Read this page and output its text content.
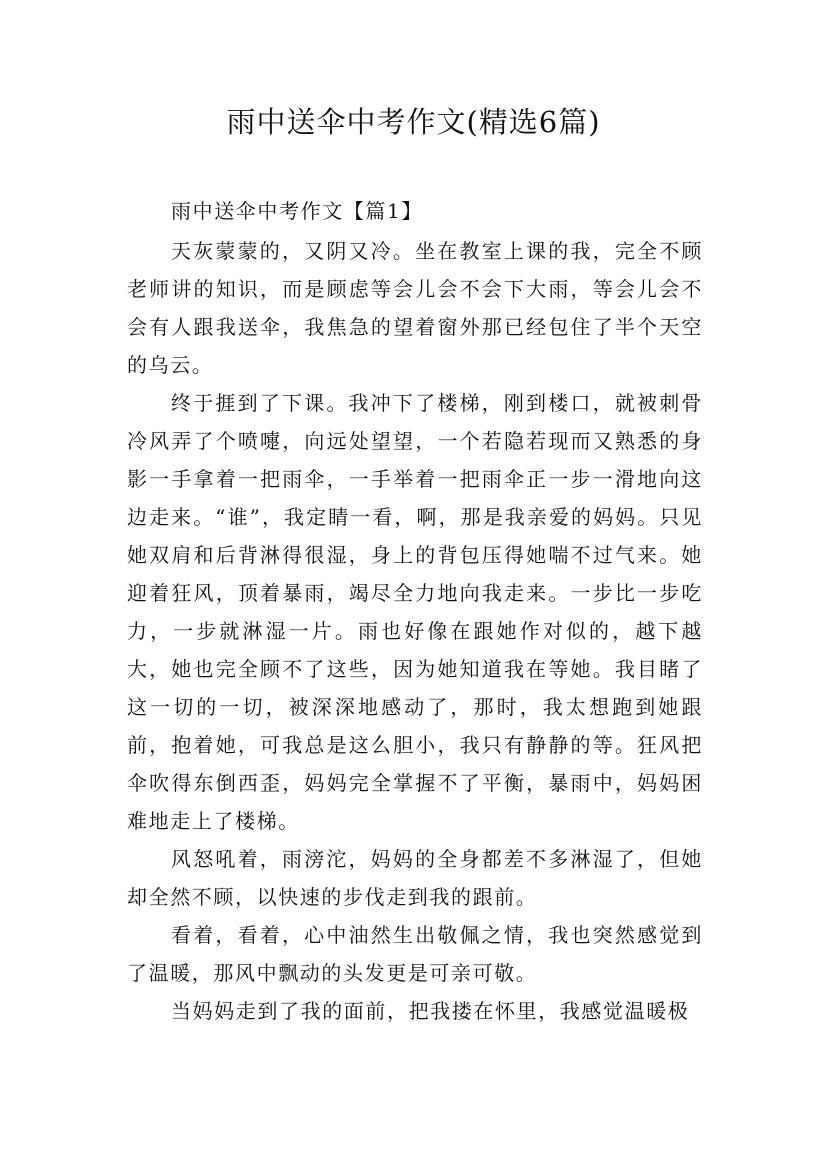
雨中送伞中考作文(精选6篇)

雨中送伞中考作文【篇1】

天灰蒙蒙的，又阴又冷。坐在教室上课的我，完全不顾老师讲的知识，而是顾虑等会儿会不会下大雨，等会儿会不会有人跟我送伞，我焦急的望着窗外那已经包住了半个天空的乌云。

终于捱到了下课。我冲下了楼梯，刚到楼口，就被刺骨冷风弄了个喷嚏，向远处望望，一个若隐若现而又熟悉的身影一手拿着一把雨伞，一手举着一把雨伞正一步一滑地向这边走来。“谁”，我定睛一看，啊，那是我亲爱的妈妈。只见她双肩和后背淋得很湿，身上的背包压得她喘不过气来。她迎着狂风，顶着暴雨，竭尽全力地向我走来。一步比一步吃力，一步就淋湿一片。雨也好像在跟她作对似的，越下越大，她也完全顾不了这些，因为她知道我在等她。我目睹了这一切的一切，被深深地感动了，那时，我太想跑到她跟前，抱着她，可我总是这么胆小，我只有静静的等。狂风把伞吹得东倒西歪，妈妈完全掌握不了平衡，暴雨中，妈妈困难地走上了楼梯。

风怒吼着，雨滂沱，妈妈的全身都差不多淋湿了，但她却全然不顾，以快速的步伐走到我的跟前。

看着，看着，心中油然生出敬佩之情，我也突然感觉到了温暖，那风中飘动的头发更是可亲可敬。

当妈妈走到了我的面前，把我搂在怀里，我感觉温暖极
